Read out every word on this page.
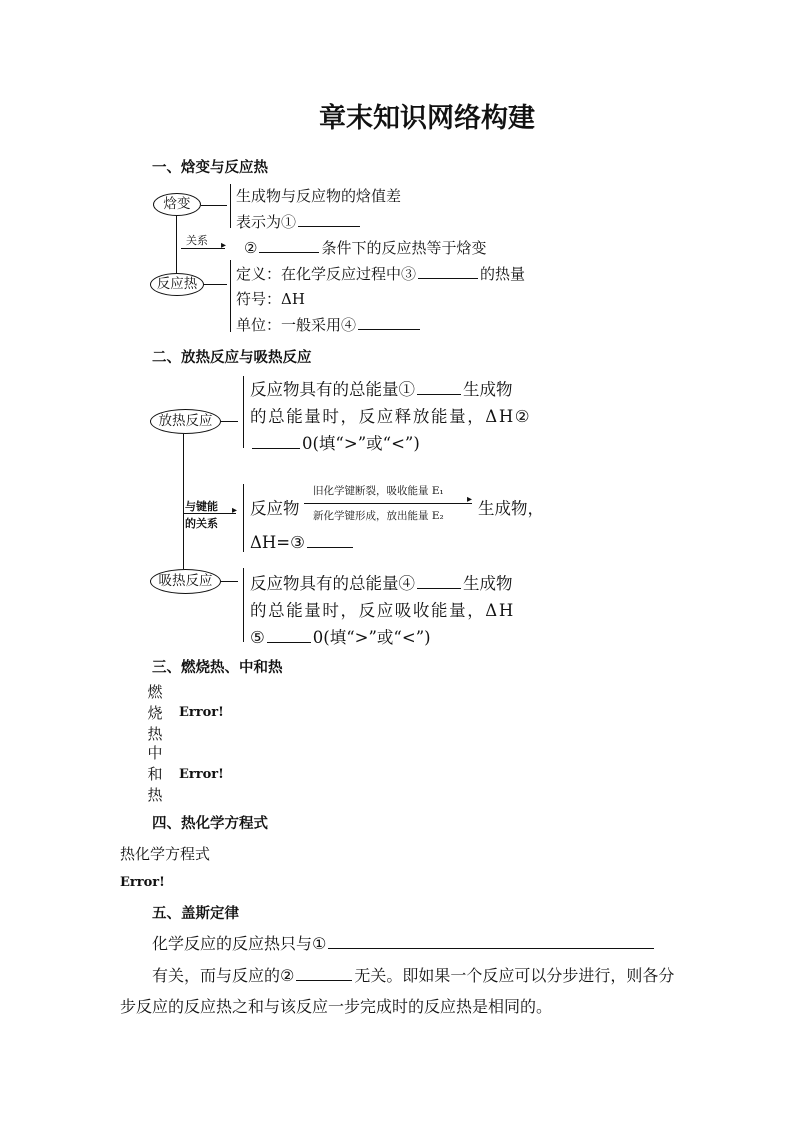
章末知识网络构建
一、焓变与反应热
焓变
反应热
关系 ▸
生成物与反应物的焓值差
表示为①
②	条件下的反应热等于焓变
定义：在化学反应过程中③	的热量
符号：ΔH
单位：一般采用④
二、放热反应与吸热反应
放热反应
吸热反应
与键能
的关系
▸
反应物具有的总能量①	生成物
的总能量时，反应释放能量，ΔH②
0(填“>”或“<”)
反应物
旧化学键断裂，吸收能量 E₁
▸
新化学键形成，放出能量 E₂ 生成物，
ΔH=③
反应物具有的总能量④	生成物
的总能量时，反应吸收能量，ΔH
⑤	0(填“>”或“<”)
三、燃烧热、中和热
燃
烧
热
Error!
中
和
热
Error!
四、热化学方程式
热化学方程式
Error!
五、盖斯定律
化学反应的反应热只与①
有关，而与反应的②	无关。即如果一个反应可以分步进行，则各分
步反应的反应热之和与该反应一步完成时的反应热是相同的。
